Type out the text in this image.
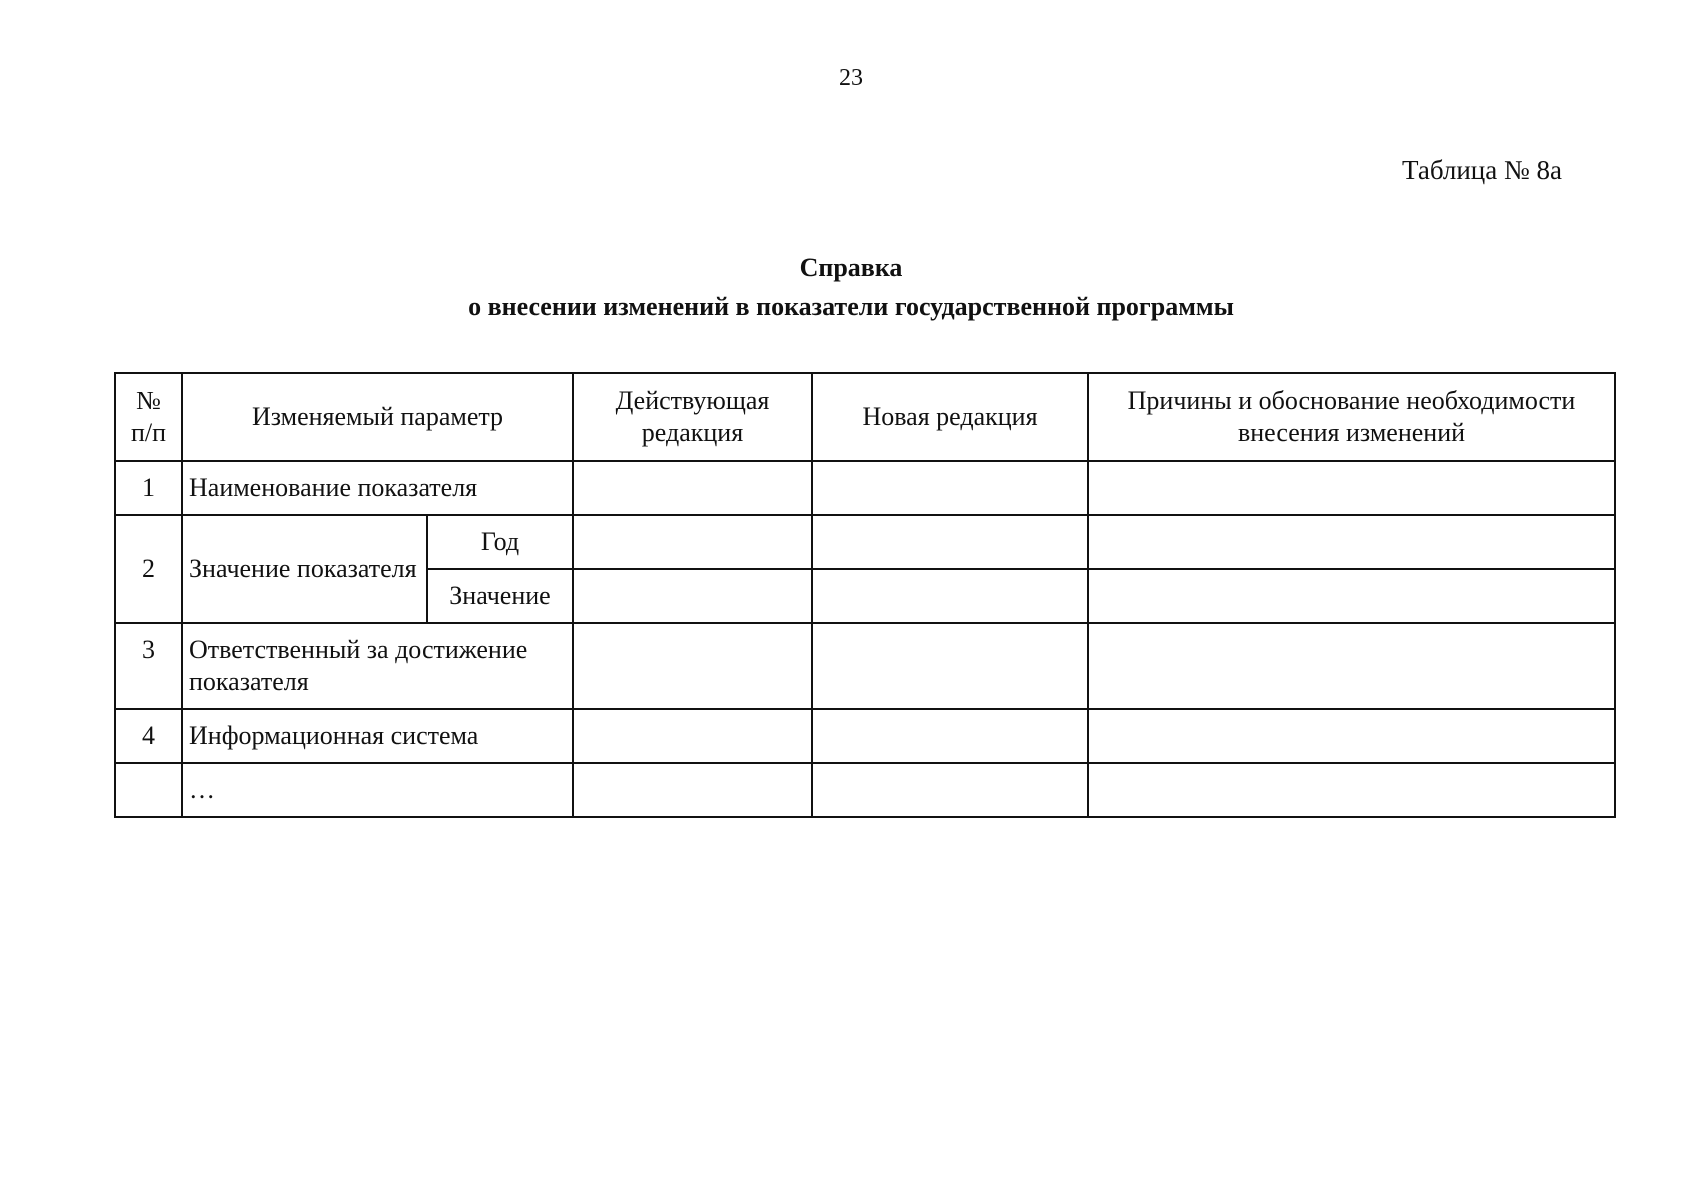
23
Таблица № 8а
Справка
о внесении изменений в показатели государственной программы
№
п/п	Изменяемый параметр		Действующая редакция	Новая редакция	Причины и обоснование необходимости внесения изменений
1	Наименование показателя				
2	Значение показателя	Год			
		Значение			
3	Ответственный за достижение показателя				
4	Информационная система				
	…				
